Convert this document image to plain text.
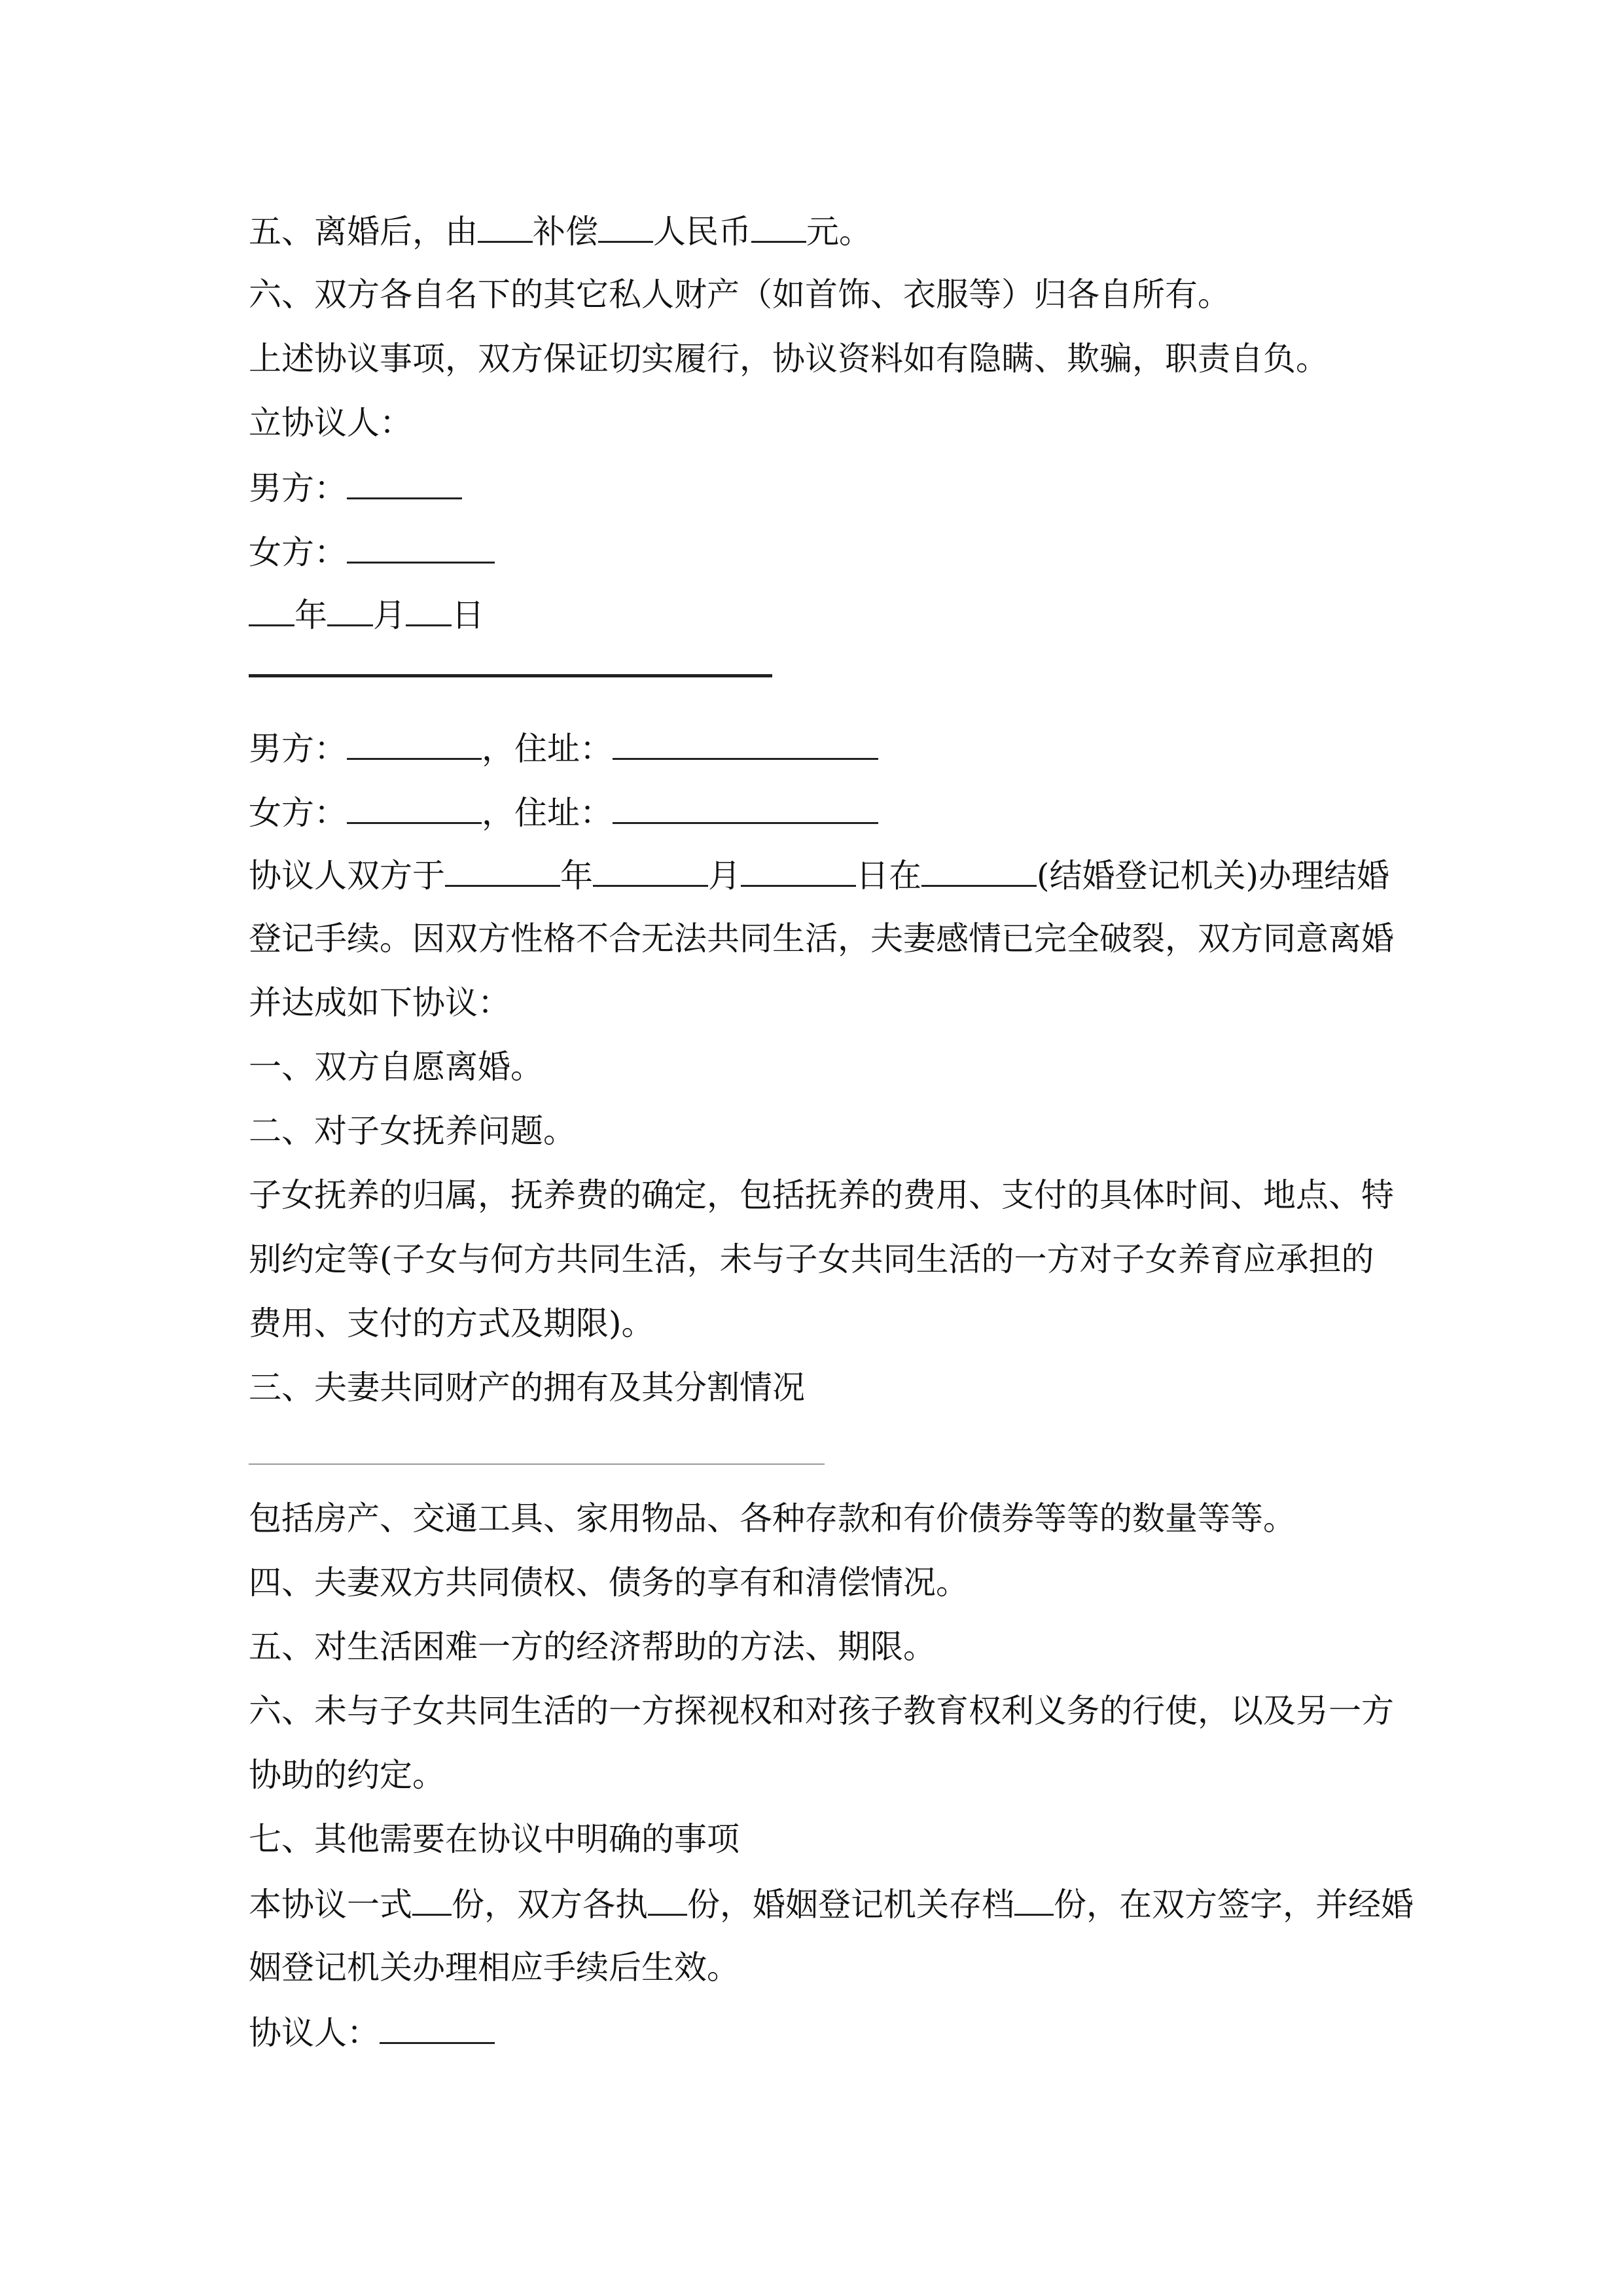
五、离婚后，由 补偿 人民币 元。
六、双方各自名下的其它私人财产（如首饰、衣服等）归各自所有。
上述协议事项，双方保证切实履行，协议资料如有隐瞒、欺骗，职责自负。
立协议人：
男方：
女方：
年 月 日
男方：	，住址：
女方：	，住址：
协议人双方于	年	月	日在	(结婚登记机关)办理结婚
登记手续。因双方性格不合无法共同生活，夫妻感情已完全破裂，双方同意离婚
并达成如下协议：
一、双方自愿离婚。
二、对子女抚养问题。
子女抚养的归属，抚养费的确定，包括抚养的费用、支付的具体时间、地点、特
别约定等(子女与何方共同生活，未与子女共同生活的一方对子女养育应承担的
费用、支付的方式及期限)。
三、夫妻共同财产的拥有及其分割情况
包括房产、交通工具、家用物品、各种存款和有价债券等等的数量等等。
四、夫妻双方共同债权、债务的享有和清偿情况。
五、对生活困难一方的经济帮助的方法、期限。
六、未与子女共同生活的一方探视权和对孩子教育权利义务的行使，以及另一方
协助的约定。
七、其他需要在协议中明确的事项
本协议一式 份，双方各执 份，婚姻登记机关存档 份，在双方签字，并经婚
姻登记机关办理相应手续后生效。
协议人：
